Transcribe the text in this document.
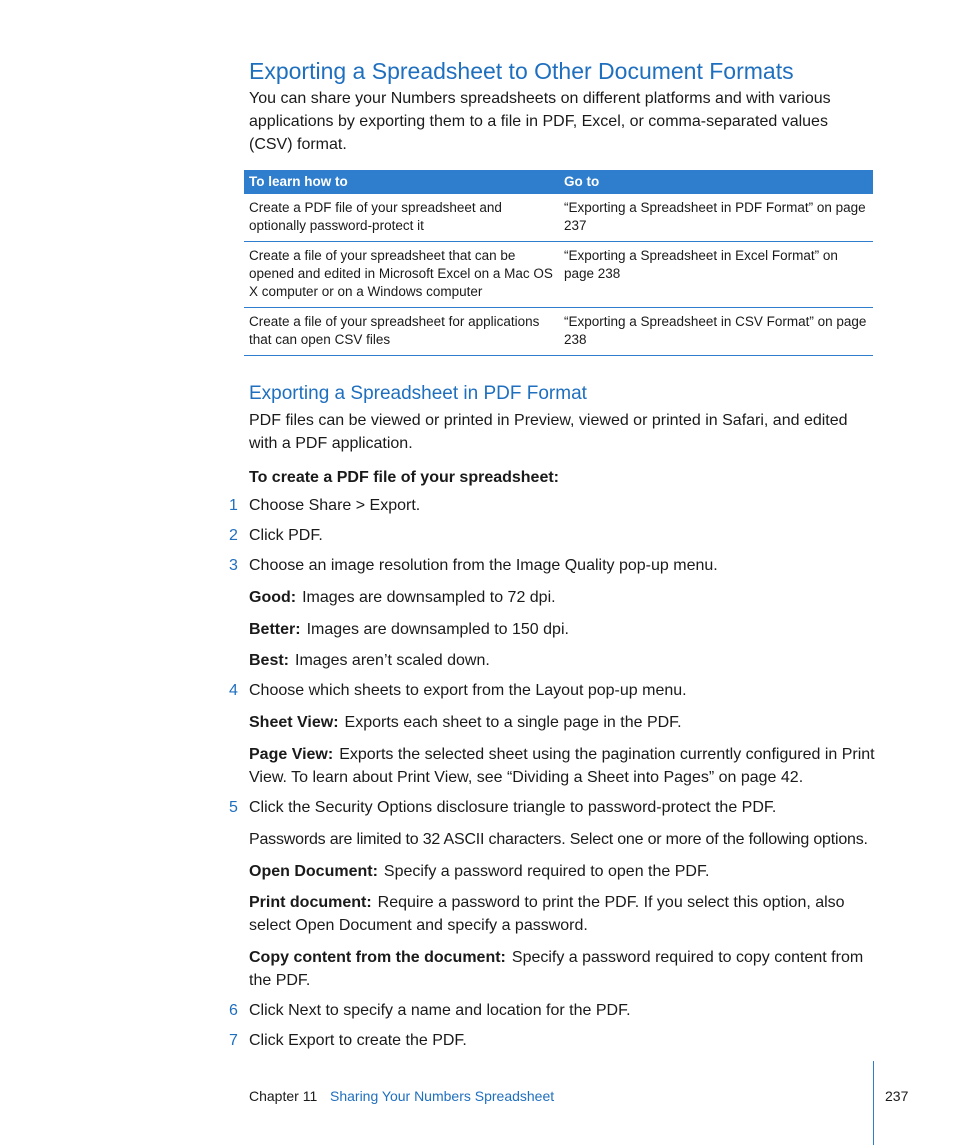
Exporting a Spreadsheet to Other Document Formats

You can share your Numbers spreadsheets on different platforms and with various applications by exporting them to a file in PDF, Excel, or comma-separated values (CSV) format.

To learn how to	Go to
Create a PDF file of your spreadsheet and optionally password-protect it	“Exporting a Spreadsheet in PDF Format” on page 237
Create a file of your spreadsheet that can be opened and edited in Microsoft Excel on a Mac OS X computer or on a Windows computer	“Exporting a Spreadsheet in Excel Format” on page 238
Create a file of your spreadsheet for applications that can open CSV files	“Exporting a Spreadsheet in CSV Format” on page 238
Exporting a Spreadsheet in PDF Format

PDF files can be viewed or printed in Preview, viewed or printed in Safari, and edited with a PDF application.

To create a PDF file of your spreadsheet:

1 Choose Share > Export.

2 Click PDF.

3 Choose an image resolution from the Image Quality pop-up menu.

Good: Images are downsampled to 72 dpi.

Better: Images are downsampled to 150 dpi.

Best: Images aren’t scaled down.

4 Choose which sheets to export from the Layout pop-up menu.

Sheet View: Exports each sheet to a single page in the PDF.

Page View: Exports the selected sheet using the pagination currently configured in Print View. To learn about Print View, see “Dividing a Sheet into Pages” on page 42.

5 Click the Security Options disclosure triangle to password-protect the PDF.

Passwords are limited to 32 ASCII characters. Select one or more of the following options.

Open Document: Specify a password required to open the PDF.

Print document: Require a password to print the PDF. If you select this option, also select Open Document and specify a password.

Copy content from the document: Specify a password required to copy content from the PDF.

6 Click Next to specify a name and location for the PDF.

7 Click Export to create the PDF.

Chapter 11 Sharing Your Numbers Spreadsheet	237
